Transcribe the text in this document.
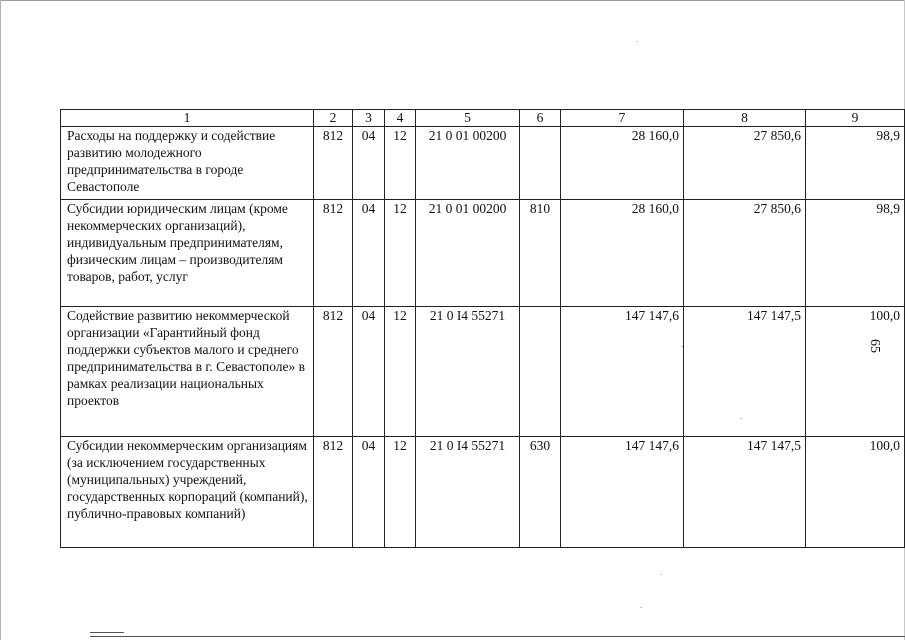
1	2	3	4	5	6	7	8	9
Расходы на поддержку и содействие развитию молодежного предпринимательства в городе Севастополе	812	04	12	21 0 01 00200		28 160,0	27 850,6	98,9
Субсидии юридическим лицам (кроме некоммерческих организаций), индивидуальным предпринимателям, физическим лицам – производителям товаров, работ, услуг	812	04	12	21 0 01 00200	810	28 160,0	27 850,6	98,9
Содействие развитию некоммерческой организации «Гарантийный фонд поддержки субъектов малого и среднего предпринимательства в г. Севастополе» в рамках реализации национальных проектов	812	04	12	21 0 I4 55271		147 147,6	147 147,5	100,0
Субсидии некоммерческим организациям (за исключением государственных (муниципальных) учреждений, государственных корпораций (компаний), публично-правовых компаний)	812	04	12	21 0 I4 55271	630	147 147,6	147 147,5	100,0
65
